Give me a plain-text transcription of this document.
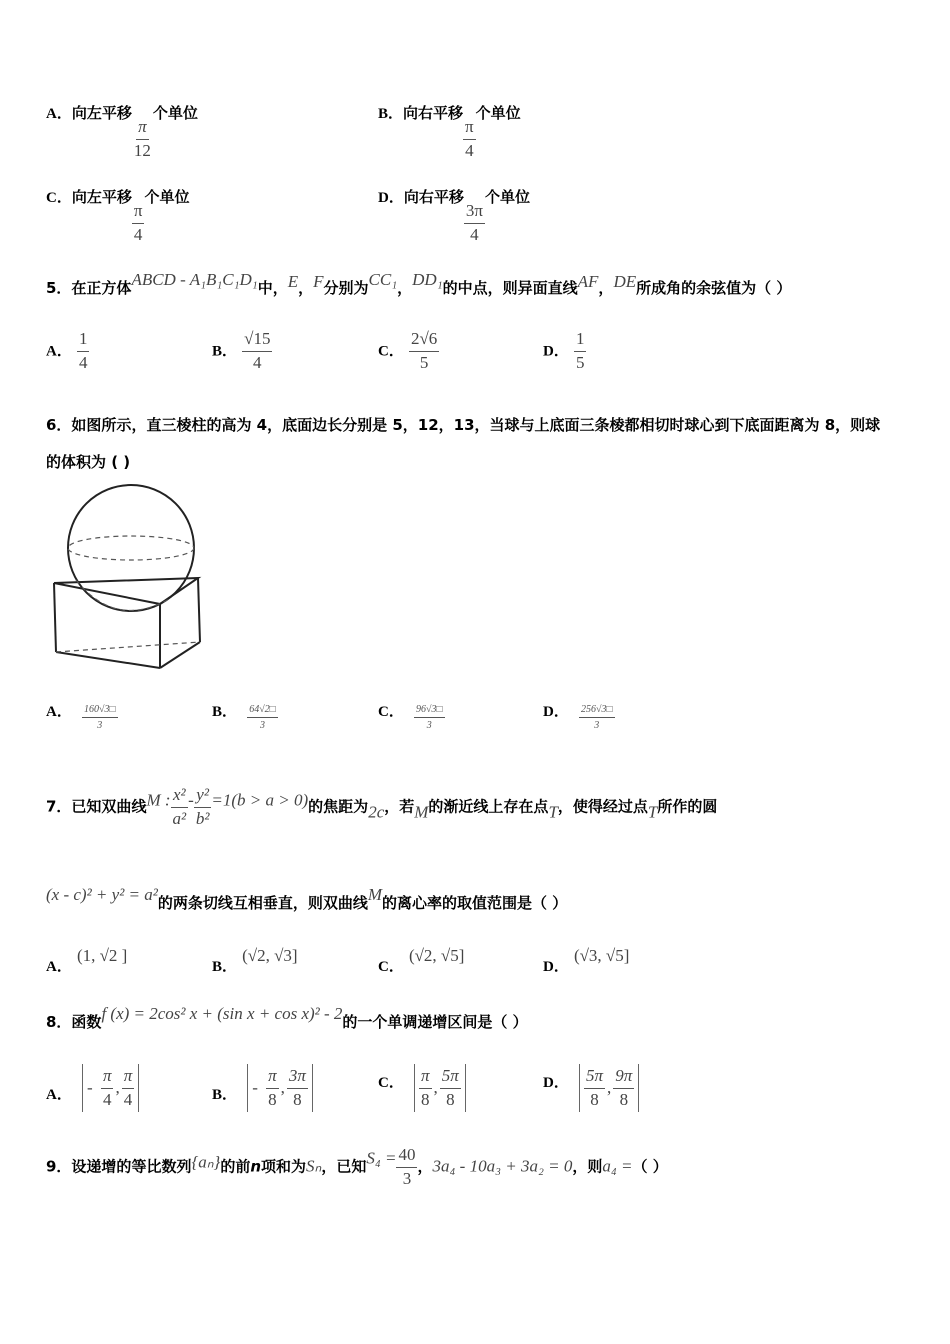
A．向左平移
$\frac{\pi}{12}$
个单位	B．向右平移
$\frac{\pi}{4}$
个单位
C．向左平移
$\frac{\pi}{4}$
个单位	D．向右平移
$\frac{3\pi}{4}$
个单位
5．在正方体ABCD - A₁B₁C₁D₁中，E，F分别为CC₁，DD₁的中点，则异面直线AF，DE所成角的余弦值为（ ）
A． $\frac{1}{4}$	B． $\frac{√15}{4}$	C． $\frac{2√6}{5}$	D． $\frac{1}{5}$
6．如图所示，直三棱柱的高为 4，底面边长分别是 5，12，13，当球与上底面三条棱都相切时球心到下底面距离为 8，则球
的体积为 ( )
A． $\frac{160√3□}{3}$	B． $\frac{64√2□}{3}$	C． $\frac{96√3□}{3}$	D． $\frac{256√3□}{3}$
7．已知双曲线M : $\frac{\text{x²}}{\text{a²}} - \frac{\text{y²}}{\text{b²}} =1(b > a > 0)$的焦距为2c，若M的渐近线上存在点T，使得经过点T所作的圆
(x - c)² + y² = a²的两条切线互相垂直，则双曲线M的离心率的取值范围是（ ）
A． (1, √2 ]
B． (√2, √3]
C． (√2, √5]
D． (√3, √5]
8．函数f (x) = 2cos² x + (sin x + cos x)² - 2的一个单调递增区间是（ ）
A． -
$\frac{\pi}{4}$ , $\frac{\pi}{4}$	B． -
$\frac{\pi}{8}$ , $\frac{3\pi}{8}$	C． $\frac{\pi}{8}$ , $\frac{5\pi}{8}$	D． $\frac{5\pi}{8}$ , $\frac{9\pi}{8}$
9．设递增的等比数列{aₙ}的前n项和为Sₙ，已知$S_4 = \frac{40}{3}$ ，3a₄ - 10a₃ + 3a₂ = 0，则a₄ =（ ）
